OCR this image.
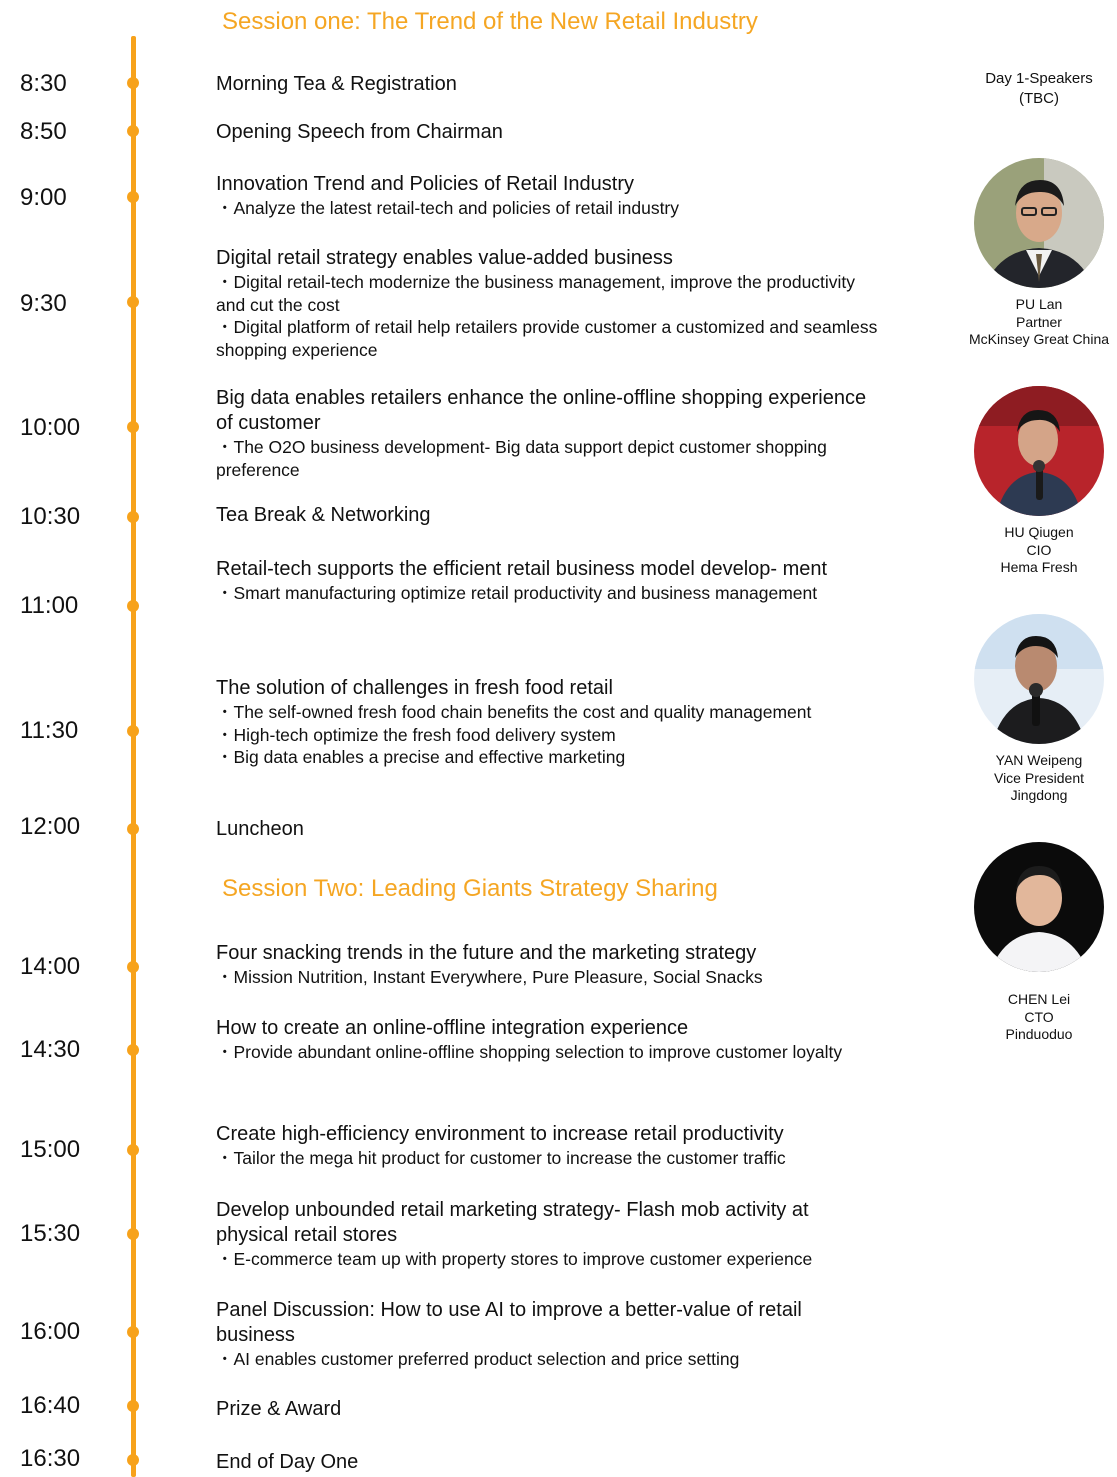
Session one: The Trend of the New Retail Industry
Session Two: Leading Giants Strategy Sharing
8:30	Morning Tea & Registration
8:50	Opening Speech from Chairman
9:00	Innovation Trend and Policies of Retail Industry
・Analyze the latest retail-tech and policies of retail industry
9:30
Digital retail strategy enables value-added business
・Digital retail-tech modernize the business management, improve the productivity and cut the cost
・Digital platform of retail help retailers provide customer a customized and seamless shopping experience
10:00
Big data enables retailers enhance the online-offline shopping experience of customer
・The O2O business development- Big data support depict customer shopping preference
10:30	Tea Break & Networking
11:00
Retail-tech supports the efficient retail business model develop- ment
・Smart manufacturing optimize retail productivity and business management
11:30
The solution of challenges in fresh food retail
・The self-owned fresh food chain benefits the cost and quality management
・High-tech optimize the fresh food delivery system
・Big data enables a precise and effective marketing
12:00	Luncheon
14:00	Four snacking trends in the future and the marketing strategy
・Mission Nutrition, Instant Everywhere, Pure Pleasure, Social Snacks
14:30
How to create an online-offline integration experience
・Provide abundant online-offline shopping selection to improve customer loyalty
15:00
Create high-efficiency environment to increase retail productivity
・Tailor the mega hit product for customer to increase the customer traffic
15:30
Develop unbounded retail marketing strategy- Flash mob activity at physical retail stores
・E-commerce team up with property stores to improve customer experience
16:00
Panel Discussion: How to use AI to improve a better-value of retail business
・AI enables customer preferred product selection and price setting
16:40	Prize & Award
16:30	End of Day One
Day 1-Speakers
(TBC)
PU Lan
Partner
McKinsey Great China
HU Qiugen
CIO
Hema Fresh
YAN Weipeng
Vice President
Jingdong
CHEN Lei
CTO
Pinduoduo
